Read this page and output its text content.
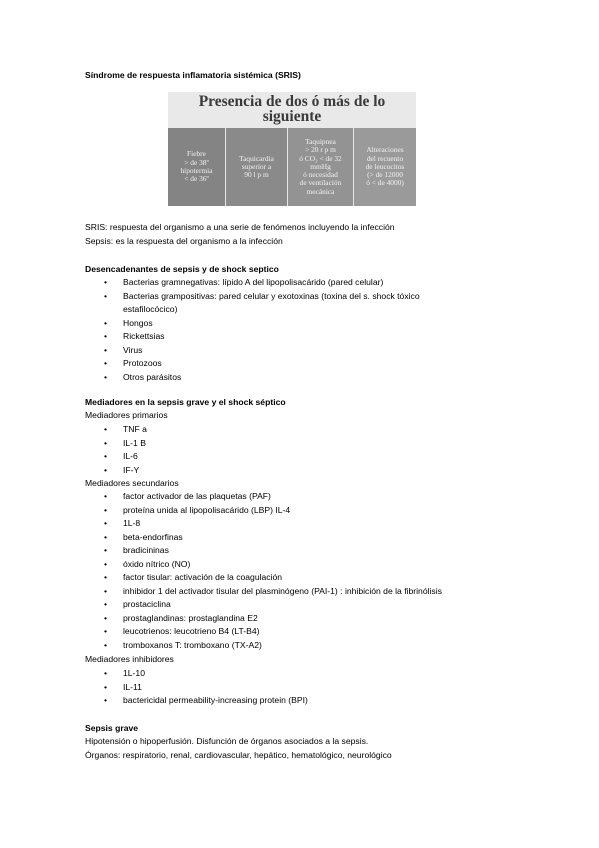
Síndrome de respuesta inflamatoria sistémica (SRIS)
Presencia de dos ó más de lo
siguiente
Fiebre
> de 38º
hipotermia
< de 36º
Taquicardia
superior a
90 l p m
Taquipnea
> 20 r p m
ó CO₂ < de 32
mmHg
ó necesidad
de ventilación
mecánica
Alteraciones
del recuento
de leucocitos
(> de 12000
ó < de 4000)
SRIS: respuesta del organismo a una serie de fenómenos incluyendo la infección
Sepsis: es la respuesta del organismo a la infección
Desencadenantes de sepsis y de shock septico
• Bacterias gramnegativas: lípido A del lipopolisacárido (pared celular)
• Bacterias grampositivas: pared celular y exotoxinas (toxina del s. shock tóxico
estafilocócico)
• Hongos
• Rickettsias
• Virus
• Protozoos
• Otros parásitos
Mediadores en la sepsis grave y el shock séptico
Mediadores primarios
• TNF a
• IL-1 B
• IL-6
• IF-Y
Mediadores secundarios
• factor activador de las plaquetas (PAF)
• proteína unida al lipopolisacárido (LBP) IL-4
• 1L-8
• beta-endorfinas
• bradicininas
• óxido nítrico (NO)
• factor tisular: activación de la coagulación
• inhibidor 1 del activador tisular del plasminógeno (PAI-1) : inhibición de la fibrinólisis
• prostaciclina
• prostaglandinas: prostaglandina E2
• leucotrienos: leucotrieno B4 (LT-B4)
• tromboxanos T: tromboxano (TX-A2)
Mediadores inhibidores
• 1L-10
• IL-11
• bactericidal permeability-increasing protein (BPI)
Sepsis grave
Hipotensión o hipoperfusión. Disfunción de órganos asociados a la sepsis.
Órganos: respiratorio, renal, cardiovascular, hepático, hematológico, neurológico
